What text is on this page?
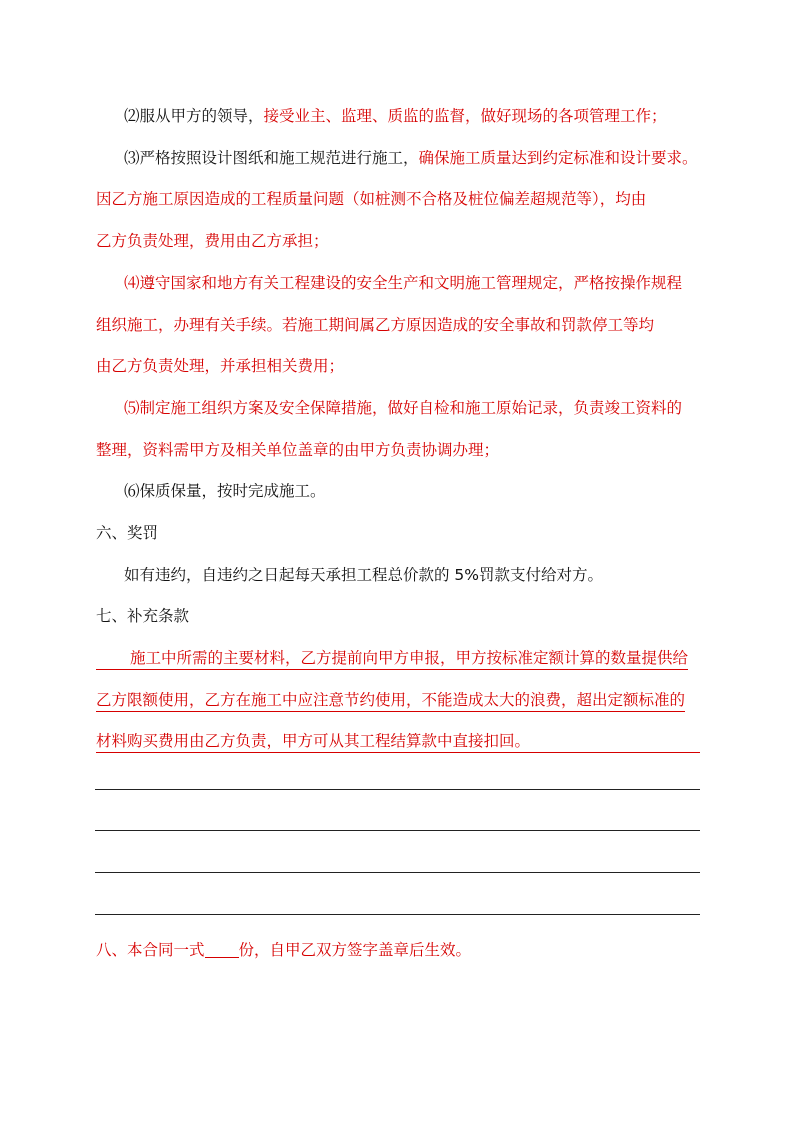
⑵服从甲方的领导，接受业主、监理、质监的监督，做好现场的各项管理工作；
⑶严格按照设计图纸和施工规范进行施工，确保施工质量达到约定标准和设计要求。
因乙方施工原因造成的工程质量问题（如桩测不合格及桩位偏差超规范等），均由
乙方负责处理，费用由乙方承担；
⑷遵守国家和地方有关工程建设的安全生产和文明施工管理规定，严格按操作规程
组织施工，办理有关手续。若施工期间属乙方原因造成的安全事故和罚款停工等均
由乙方负责处理，并承担相关费用；
⑸制定施工组织方案及安全保障措施，做好自检和施工原始记录，负责竣工资料的
整理，资料需甲方及相关单位盖章的由甲方负责协调办理；
⑹保质保量，按时完成施工。
六、奖罚
如有违约，自违约之日起每天承担工程总价款的 5%罚款支付给对方。
七、补充条款
施工中所需的主要材料，乙方提前向甲方申报，甲方按标准定额计算的数量提供给
乙方限额使用，乙方在施工中应注意节约使用，不能造成太大的浪费，超出定额标准的
材料购买费用由乙方负责，甲方可从其工程结算款中直接扣回。
八、本合同一式 份，自甲乙双方签字盖章后生效。
